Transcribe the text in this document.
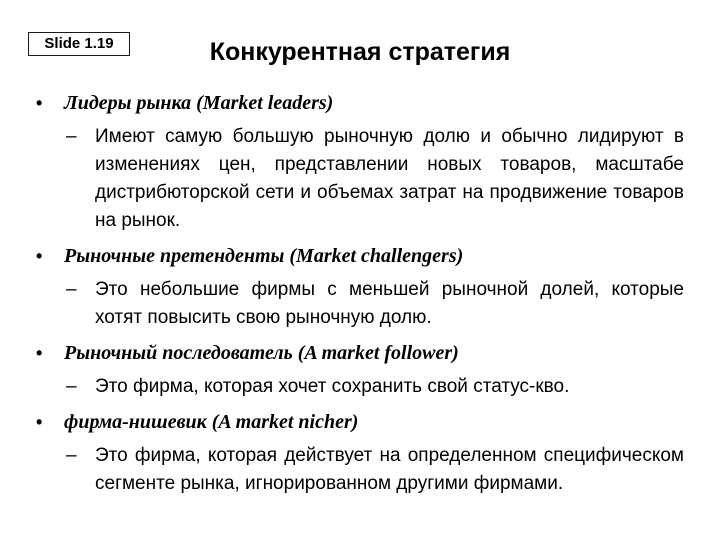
Slide 1.19	Конкурентная стратегия
• Лидеры рынка (Market leaders)
– Имеют самую большую рыночную долю и обычно лидируют в изменениях цен, представлении новых товаров, масштабе дистрибюторской сети и объемах затрат на продвижение товаров на рынок.
• Рыночные претенденты (Market challengers)
– Это небольшие фирмы с меньшей рыночной долей, которые хотят повысить свою рыночную долю.
• Рыночный последователь (A market follower)
– Это фирма, которая хочет сохранить свой статус-кво.
• фирма-нишевик (A market nicher)
– Это фирма, которая действует на определенном специфическом сегменте рынка, игнорированном другими фирмами.
